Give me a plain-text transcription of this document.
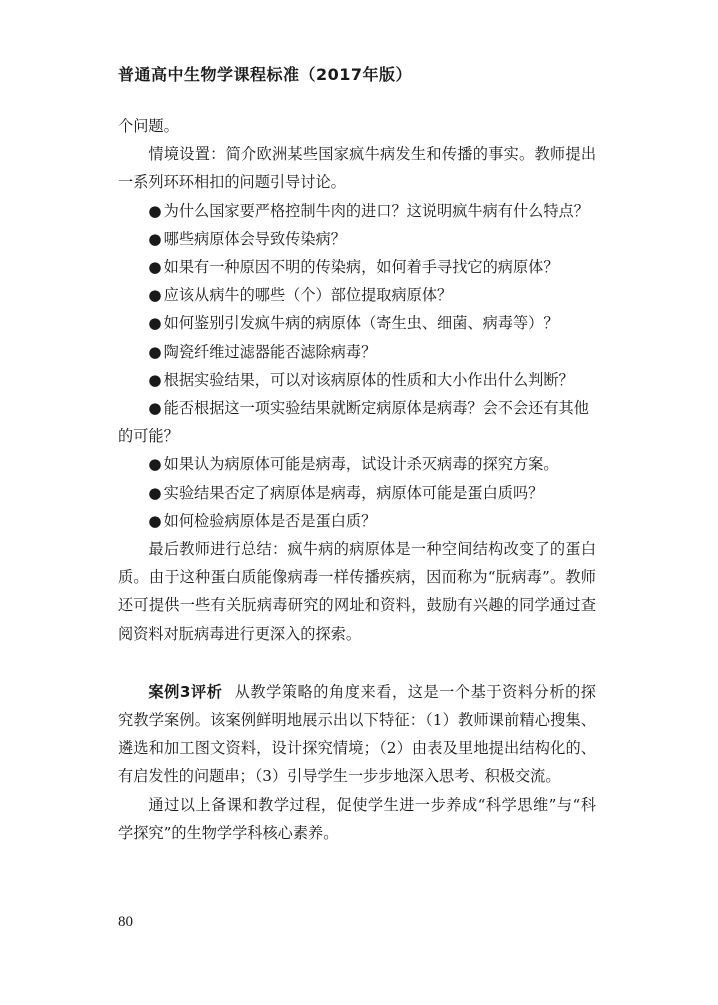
普通高中生物学课程标准（2017年版）

个问题。

情境设置：简介欧洲某些国家疯牛病发生和传播的事实。教师提出一系列环环相扣的问题引导讨论。

● 为什么国家要严格控制牛肉的进口？这说明疯牛病有什么特点？

● 哪些病原体会导致传染病？

● 如果有一种原因不明的传染病，如何着手寻找它的病原体？

● 应该从病牛的哪些（个）部位提取病原体？

● 如何鉴别引发疯牛病的病原体（寄生虫、细菌、病毒等）？

● 陶瓷纤维过滤器能否滤除病毒？

● 根据实验结果，可以对该病原体的性质和大小作出什么判断？

● 能否根据这一项实验结果就断定病原体是病毒？会不会还有其他的可能？

● 如果认为病原体可能是病毒，试设计杀灭病毒的探究方案。

● 实验结果否定了病原体是病毒，病原体可能是蛋白质吗？

● 如何检验病原体是否是蛋白质？

最后教师进行总结：疯牛病的病原体是一种空间结构改变了的蛋白质。由于这种蛋白质能像病毒一样传播疾病，因而称为“朊病毒”。教师还可提供一些有关朊病毒研究的网址和资料，鼓励有兴趣的同学通过查阅资料对朊病毒进行更深入的探索。

案例3评析 从教学策略的角度来看，这是一个基于资料分析的探究教学案例。该案例鲜明地展示出以下特征：（1）教师课前精心搜集、遴选和加工图文资料，设计探究情境；（2）由表及里地提出结构化的、有启发性的问题串；（3）引导学生一步步地深入思考、积极交流。

通过以上备课和教学过程，促使学生进一步养成“科学思维”与“科学探究”的生物学学科核心素养。

80
